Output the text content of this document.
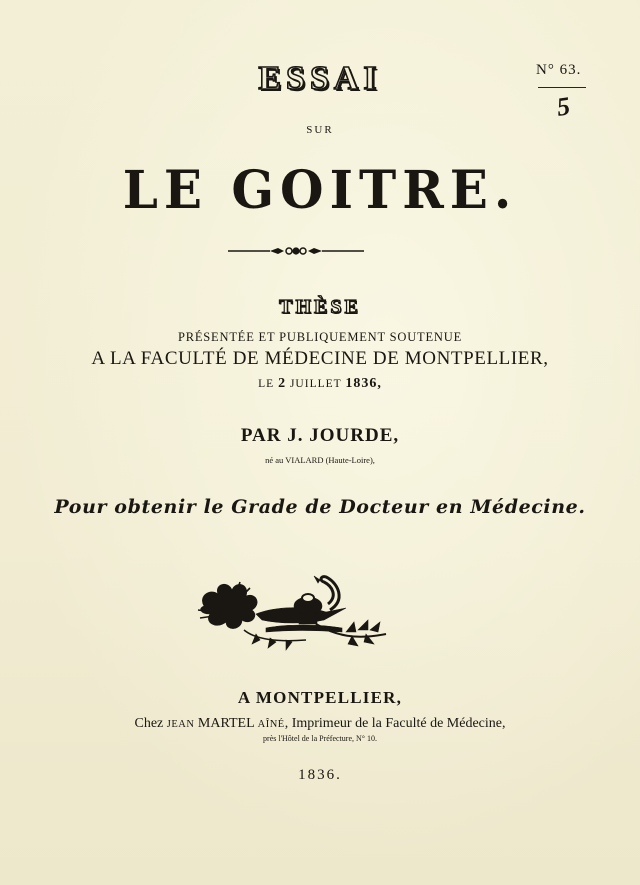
N° 63.
5
ESSAI
SUR
LE GOITRE.
THÈSE
PRÉSENTÉE ET PUBLIQUEMENT SOUTENUE
A LA FACULTÉ DE MÉDECINE DE MONTPELLIER,
LE 2 JUILLET 1836,
PAR J. JOURDE,
né au VIALARD (Haute-Loire),
Pour obtenir le Grade de Docteur en Médecine.
A MONTPELLIER,
Chez JEAN MARTEL AÎNÉ, Imprimeur de la Faculté de Médecine,
près l'Hôtel de la Préfecture, N° 10.
1836.
